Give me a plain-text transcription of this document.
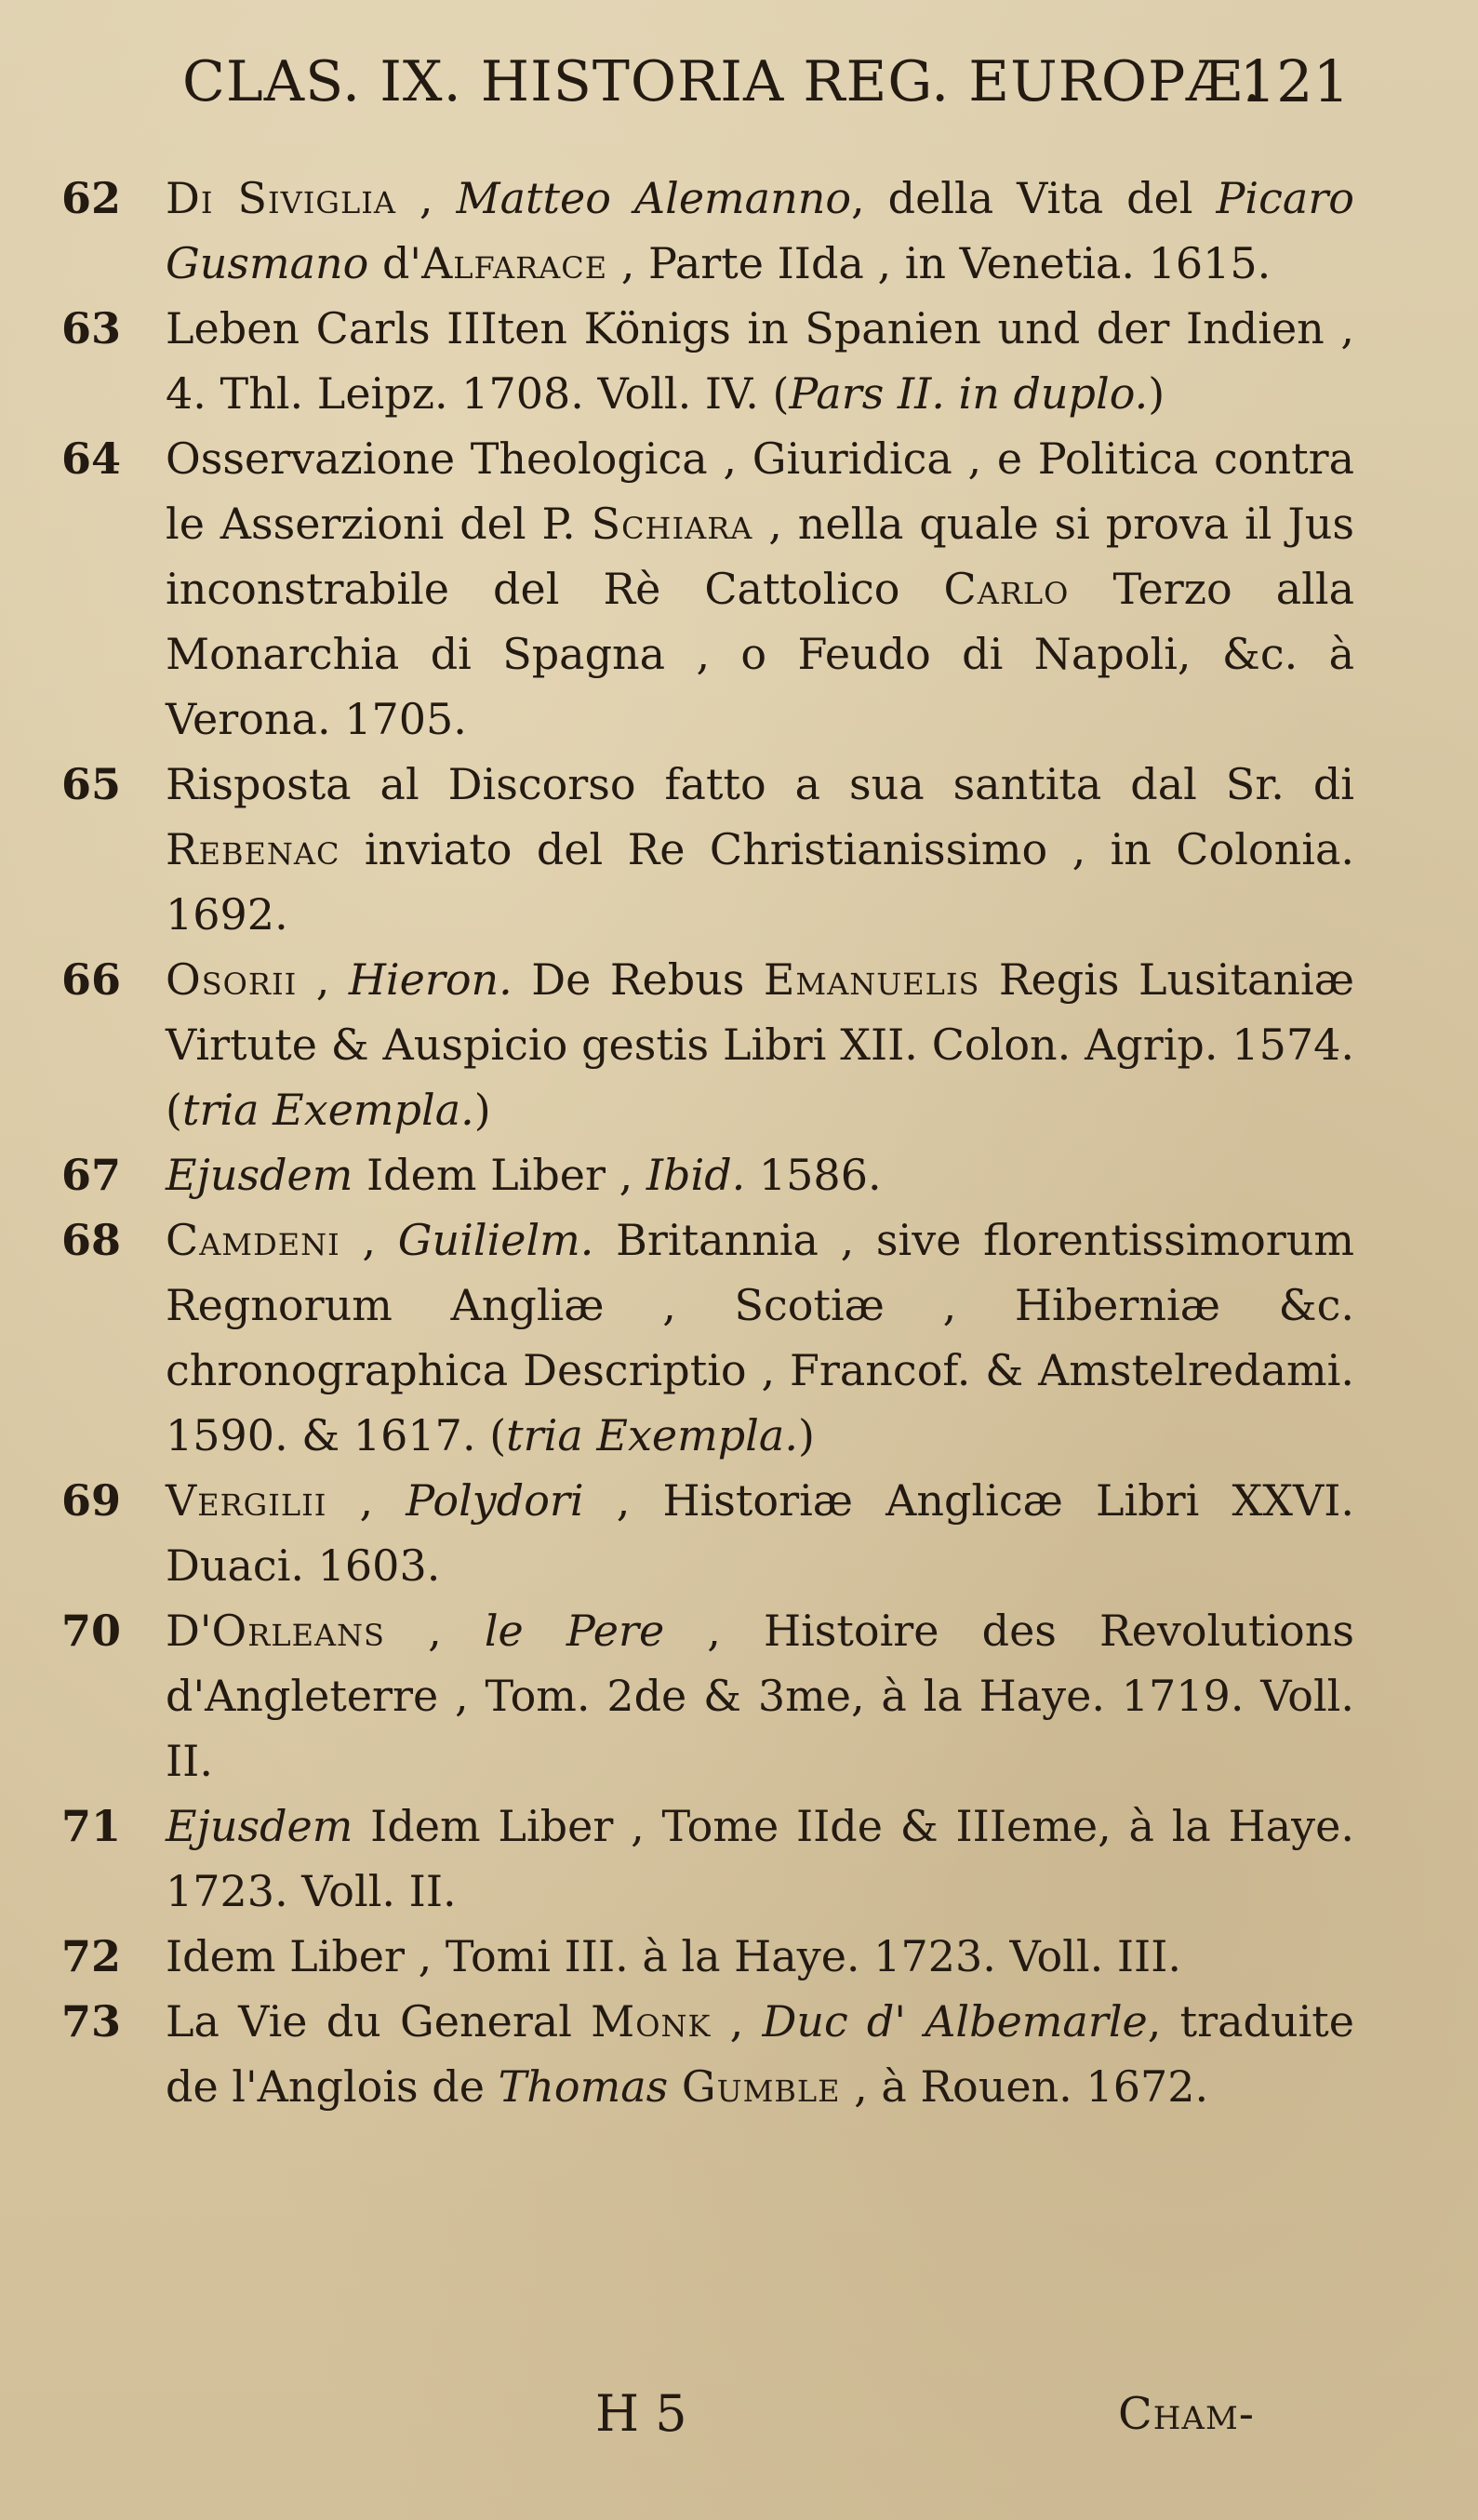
CLAS. IX. HISTORIA REG. EUROPÆ.
121
62	Di Siviglia , Matteo Alemanno, della Vita del Picaro Gusmano d'Alfarace , Parte IIda , in Venetia. 1615.
63	Leben Carls IIIten Königs in Spanien und der Indien , 4. Thl. Leipz. 1708. Voll. IV. (Pars II. in duplo.)
64	Osservazione Theologica , Giuridica , e Politica contra le Asserzioni del P. Schiara , nella quale si prova il Jus inconstrabile del Rè Cattolico Carlo Terzo alla Monarchia di Spagna , o Feudo di Napoli, &c. à Verona. 1705.
65	Risposta al Discorso fatto a sua santita dal Sr. di Rebenac inviato del Re Christianissimo , in Colonia. 1692.
66	Osorii , Hieron. De Rebus Emanuelis Regis Lusitaniæ Virtute & Auspicio gestis Libri XII. Colon. Agrip. 1574. (tria Exempla.)
67	Ejusdem Idem Liber , Ibid. 1586.
68	Camdeni , Guilielm. Britannia , sive florentissimorum Regnorum Angliæ , Scotiæ , Hiberniæ &c. chronographica Descriptio , Francof. & Amstelredami. 1590. & 1617. (tria Exempla.)
69	Vergilii , Polydori , Historiæ Anglicæ Libri XXVI. Duaci. 1603.
70	D'Orleans , le Pere , Histoire des Revolutions d'Angleterre , Tom. 2de & 3me, à la Haye. 1719. Voll. II.
71	Ejusdem Idem Liber , Tome IIde & IIIeme, à la Haye. 1723. Voll. II.
72	Idem Liber , Tomi III. à la Haye. 1723. Voll. III.
73	La Vie du General Monk , Duc d' Albemarle, traduite de l'Anglois de Thomas Gumble , à Rouen. 1672.
H 5	Cham-
